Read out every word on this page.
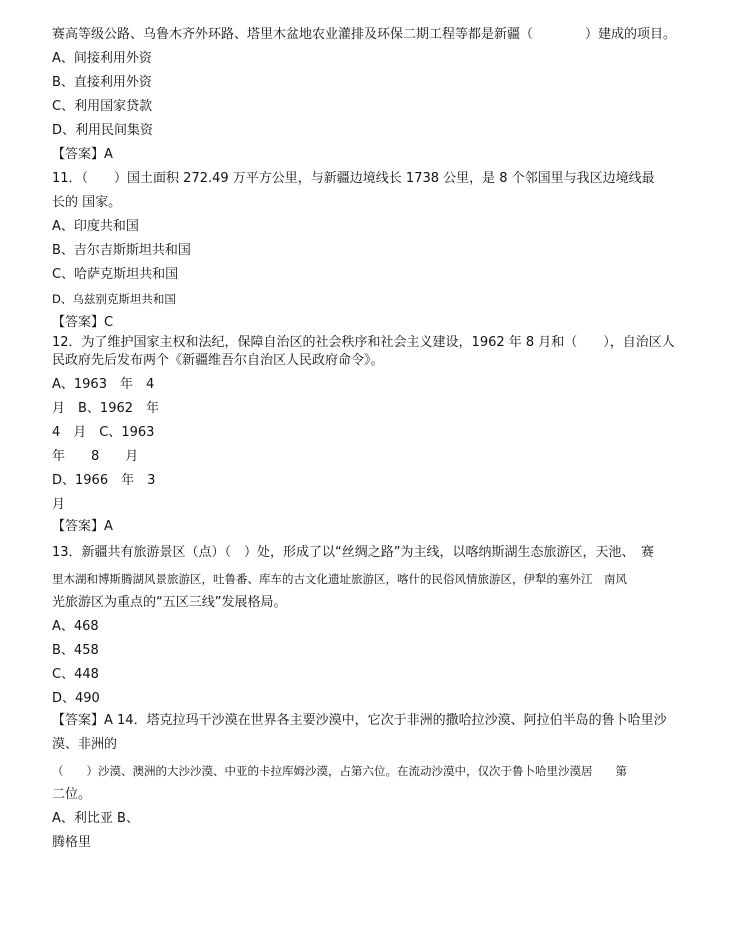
赛高等级公路、乌鲁木齐外环路、塔里木盆地农业灌排及环保二期工程等都是新疆（　　　　）建成的项目。
A、间接利用外资
B、直接利用外资
C、利用国家贷款
D、利用民间集资
【答案】A
11．（　　）国土面积 272.49 万平方公里，与新疆边境线长 1738 公里，是 8 个邻国里与我区边境线最
长的 国家。
A、印度共和国
B、吉尔吉斯斯坦共和国
C、哈萨克斯坦共和国
D、乌兹别克斯坦共和国
【答案】C
12．为了维护国家主权和法纪，保障自治区的社会秩序和社会主义建设，1962 年 8 月和（　　），自治区人
民政府先后发布两个《新疆维吾尔自治区人民政府命令》。
A、1963　年　4
月　B、1962　年
4　月　C、1963
年　　8　　月
D、1966　年　3
月
【答案】A
13．新疆共有旅游景区（点）（　）处，形成了以“丝绸之路”为主线，以喀纳斯湖生态旅游区，天池、　赛
里木湖和博斯腾湖风景旅游区，吐鲁番、库车的古文化遗址旅游区，喀什的民俗风情旅游区，伊犁的塞外江　南风
光旅游区为重点的“五区三线”发展格局。
A、468
B、458
C、448
D、490
【答案】A 14．塔克拉玛干沙漠在世界各主要沙漠中，它次于非洲的撒哈拉沙漠、阿拉伯半岛的鲁卜哈里沙
漠、非洲的
（　　）沙漠、澳洲的大沙沙漠、中亚的卡拉库姆沙漠，占第六位。在流动沙漠中，仅次于鲁卜哈里沙漠居　　第
二位。
A、利比亚 B、
腾格里
